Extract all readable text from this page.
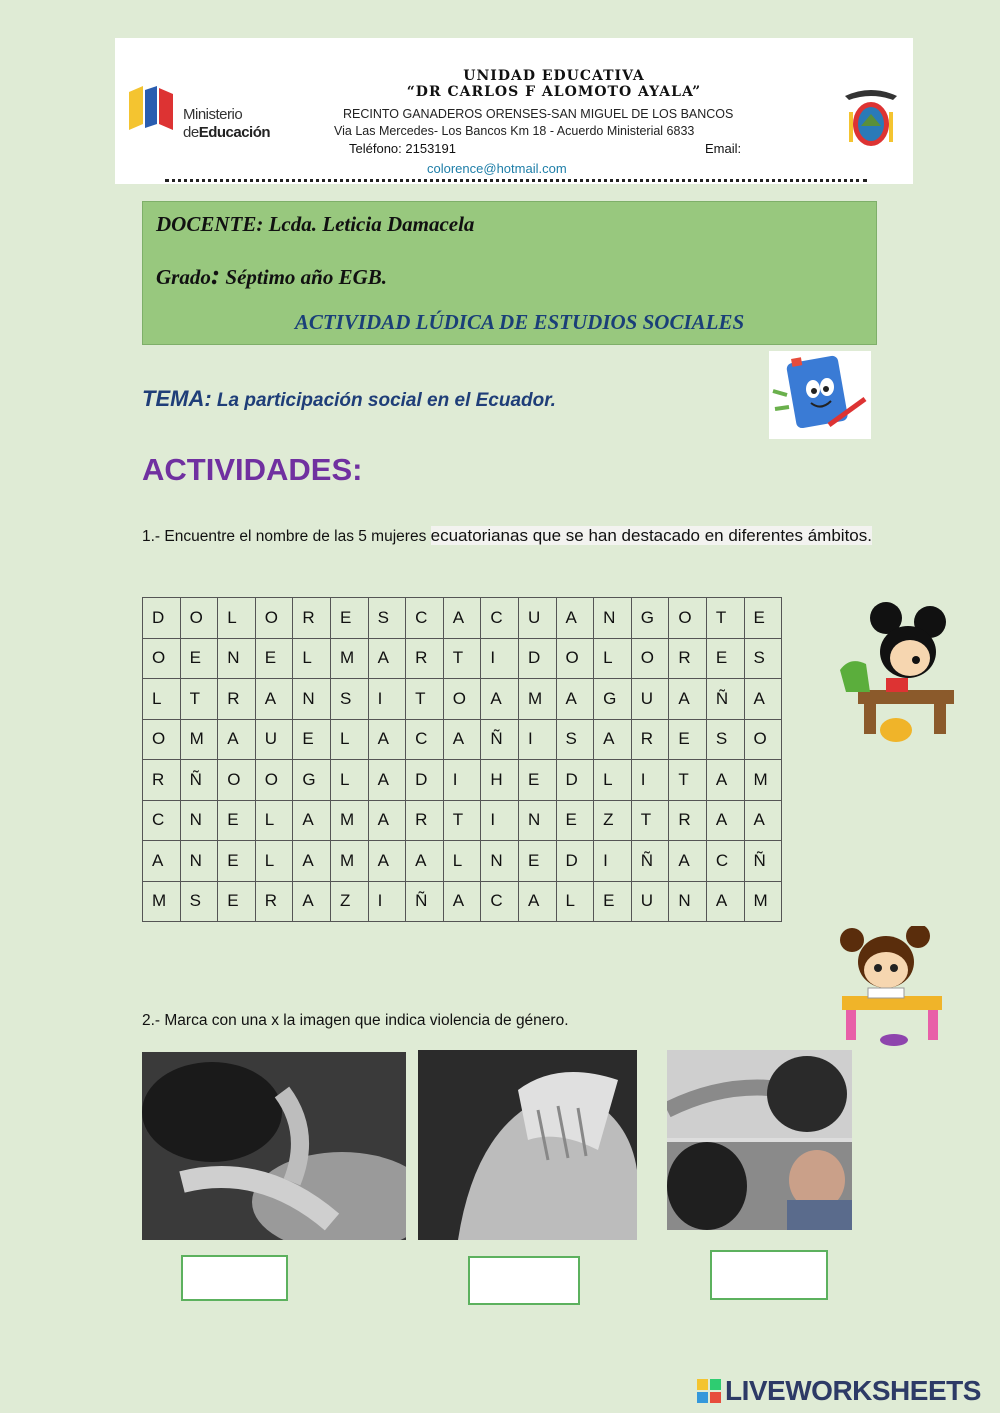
Ministerio
deEducación
UNIDAD EDUCATIVA
“DR CARLOS F ALOMOTO AYALA”
RECINTO GANADEROS ORENSES-SAN MIGUEL DE LOS BANCOS
Via Las Mercedes- Los Bancos Km 18 - Acuerdo Ministerial 6833
Teléfono: 2153191	Email:
colorence@hotmail.com
DOCENTE: Lcda. Leticia Damacela
Grado: Séptimo año EGB.
ACTIVIDAD LÚDICA DE ESTUDIOS SOCIALES
TEMA: La participación social en el Ecuador.
ACTIVIDADES:
1.- Encuentre el nombre de las 5 mujeres ecuatorianas que se han destacado en diferentes ámbitos.
D	O	L	O	R	E	S	C	A	C	U	A	N	G	O	T	E
O	E	N	E	L	M	A	R	T	I	D	O	L	O	R	E	S
L	T	R	A	N	S	I	T	O	A	M	A	G	U	A	Ñ	A
O	M	A	U	E	L	A	C	A	Ñ	I	S	A	R	E	S	O
R	Ñ	O	O	G	L	A	D	I	H	E	D	L	I	T	A	M
C	N	E	L	A	M	A	R	T	I	N	E	Z	T	R	A	A
A	N	E	L	A	M	A	A	L	N	E	D	I	Ñ	A	C	Ñ
M	S	E	R	A	Z	I	Ñ	A	C	A	L	E	U	N	A	M
2.- Marca con una x la imagen que indica violencia de género.
LIVEWORKSHEETS
